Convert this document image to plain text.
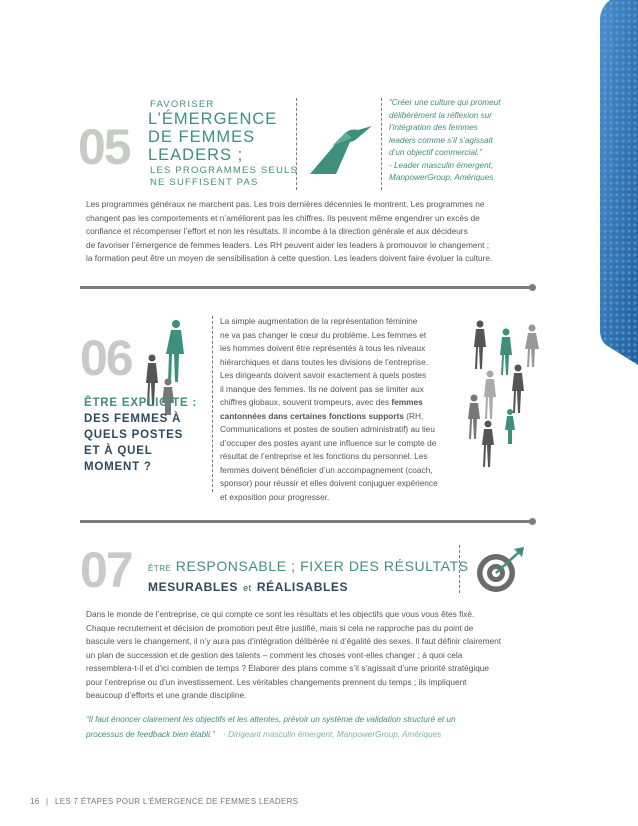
05
FAVORISER
L’ÉMERGENCE
DE FEMMES
LEADERS ;
LES PROGRAMMES SEULS
NE SUFFISENT PAS
“Créer une culture qui promeut
délibérément la réflexion sur
l’intégration des femmes
leaders comme s’il s’agissait
d’un objectif commercial.”
- Leader masculin émergent,
ManpowerGroup, Amériques
Les programmes généraux ne marchent pas. Les trois dernières décennies le montrent. Les programmes ne
changent pas les comportements et n’améliorent pas les chiffres. Ils peuvent même engendrer un excès de
confiance et récompenser l’effort et non les résultats. Il incombe à la direction générale et aux décideurs
de favoriser l’émergence de femmes leaders. Les RH peuvent aider les leaders à promouvoir le changement ;
la formation peut être un moyen de sensibilisation à cette question. Les leaders doivent faire évoluer la culture.
06
ÊTRE EXPLICITE :
DES FEMMES À
QUELS POSTES
ET À QUEL
MOMENT ?
La simple augmentation de la représentation féminine
ne va pas changer le cœur du problème. Les femmes et
les hommes doivent être représentés à tous les niveaux
hiérarchiques et dans toutes les divisions de l’entreprise.
Les dirigeants doivent savoir exactement à quels postes
il manque des femmes. Ils ne doivent pas se limiter aux
chiffres globaux, souvent trompeurs, avec des femmes
cantonnées dans certaines fonctions supports (RH,
Communications et postes de soutien administratif) au lieu
d’occuper des postes ayant une influence sur le compte de
résultat de l’entreprise et les fonctions du personnel. Les
femmes doivent bénéficier d’un accompagnement (coach,
sponsor) pour réussir et elles doivent conjuguer expérience
et exposition pour progresser.
07 ÊTRE RESPONSABLE ; FIXER DES RÉSULTATS
MESURABLES et RÉALISABLES
Dans le monde de l’entreprise, ce qui compte ce sont les résultats et les objectifs que vous vous êtes fixé.
Chaque recrutement et décision de promotion peut être justifié, mais si cela ne rapproche pas du point de
bascule vers le changement, il n’y aura pas d’intégration délibérée ni d’égalité des sexes. Il faut définir clairement
un plan de succession et de gestion des talents – comment les choses vont-elles changer ; à quoi cela
ressemblera-t-il et d’ici combien de temps ? Élaborer des plans comme s’il s’agissait d’une priorité stratégique
pour l’entreprise ou d’un investissement. Les véritables changements prennent du temps ; ils impliquent
beaucoup d’efforts et une grande discipline.
“Il faut énoncer clairement les objectifs et les attentes, prévoir un système de validation structuré et un
processus de feedback bien établi.” - Dirigeant masculin émergent, ManpowerGroup, Amériques
16 | LES 7 ÉTAPES POUR L’ÉMERGENCE DE FEMMES LEADERS
